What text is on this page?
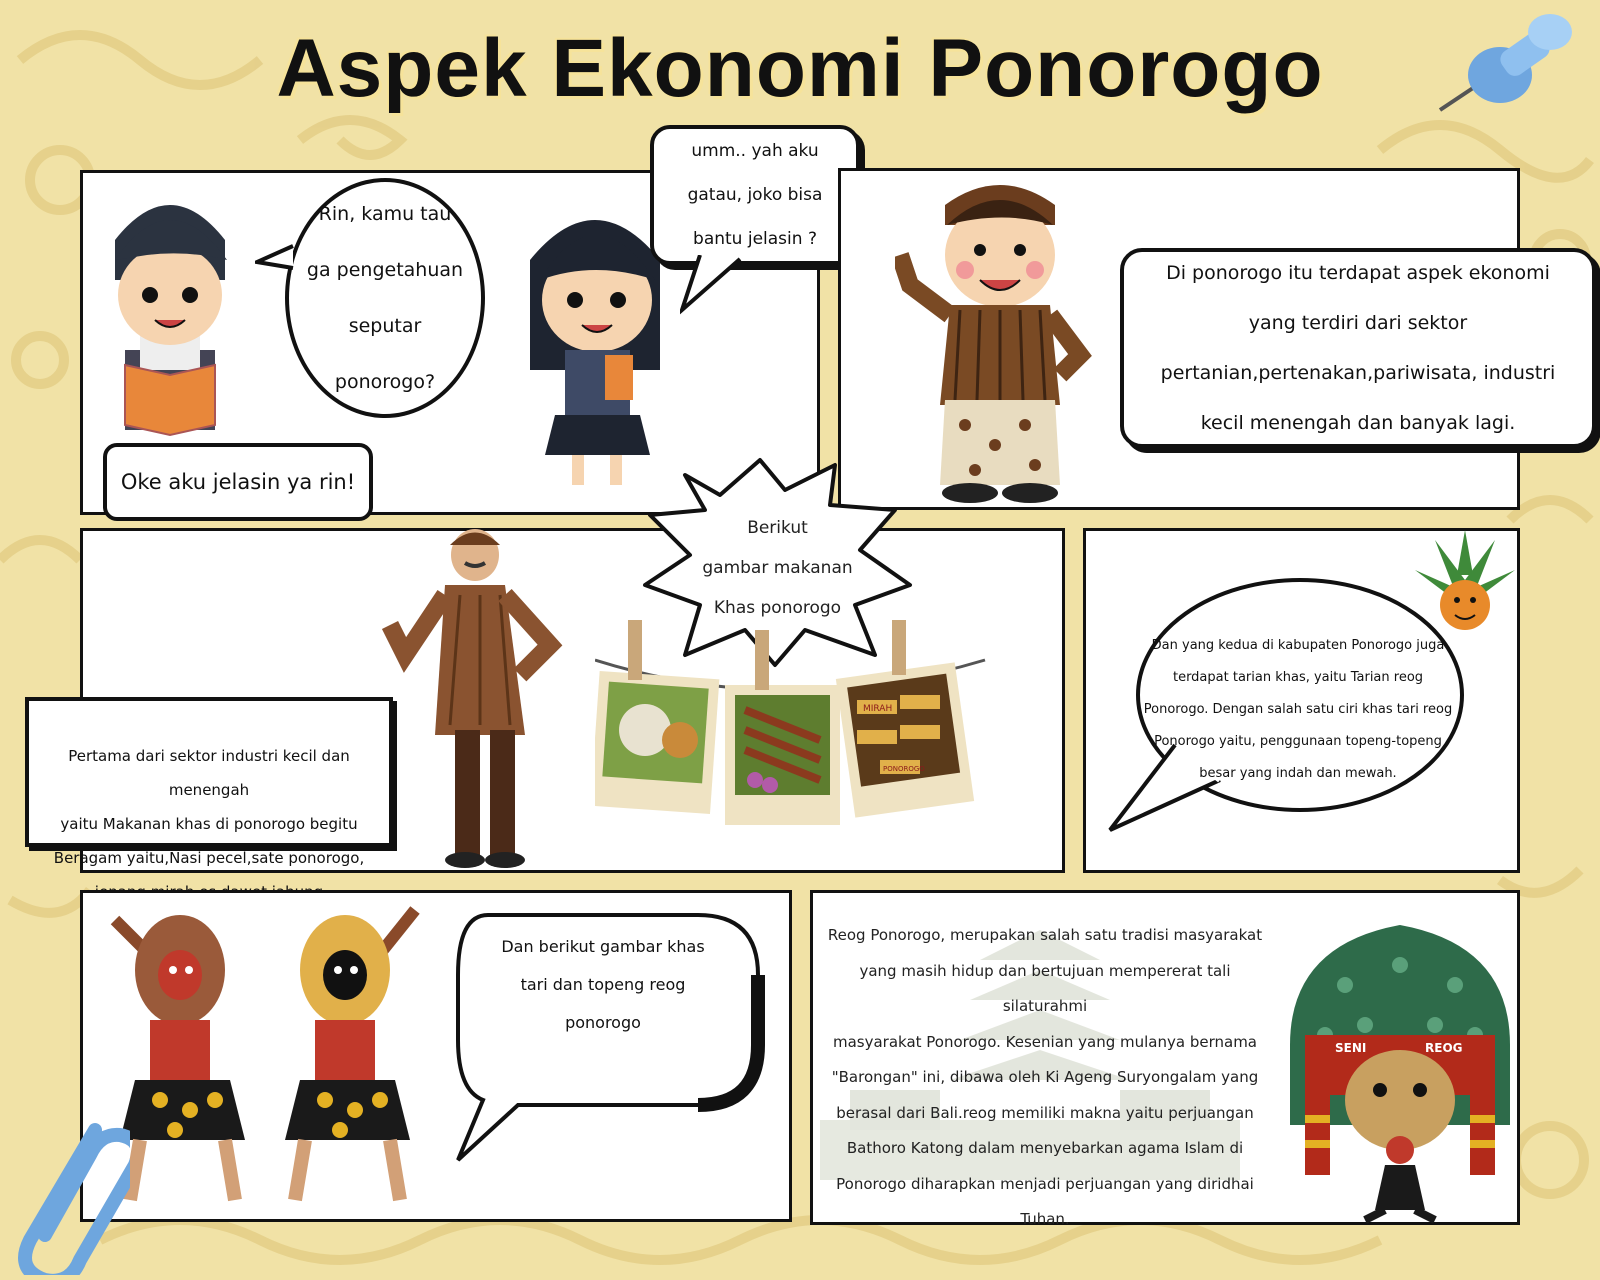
Aspek Ekonomi Ponorogo
Rin, kamu tau
ga pengetahuan
seputar
ponorogo?
Oke aku jelasin ya rin!
umm.. yah aku
gatau, joko bisa
bantu jelasin ?
Di ponorogo itu terdapat aspek ekonomi
yang terdiri dari sektor
pertanian,pertenakan,pariwisata, industri
kecil menengah dan banyak lagi.
Berikut
gambar makanan
Khas ponorogo
MIRAH
PONOROGO

Pertama dari sektor industri kecil dan menengah
yaitu Makanan khas di ponorogo begitu
Beragam yaitu,Nasi pecel,sate ponorogo,

Dan yang kedua di kabupaten Ponorogo juga
terdapat tarian khas, yaitu Tarian reog
Ponorogo. Dengan salah satu ciri khas tari reog
Ponorogo yaitu, penggunaan topeng-topeng
besar yang indah dan mewah.
Dan berikut gambar khas
tari dan topeng reog
ponorogo
Reog Ponorogo, merupakan salah satu tradisi masyarakat
yang masih hidup dan bertujuan mempererat tali silaturahmi
masyarakat Ponorogo. Kesenian yang mulanya bernama
"Barongan" ini, dibawa oleh Ki Ageng Suryongalam yang
berasal dari Bali.reog memiliki makna yaitu perjuangan
Bathoro Katong dalam menyebarkan agama Islam di
Ponorogo diharapkan menjadi perjuangan yang diridhai
Tuhan.
SENI	REOG
